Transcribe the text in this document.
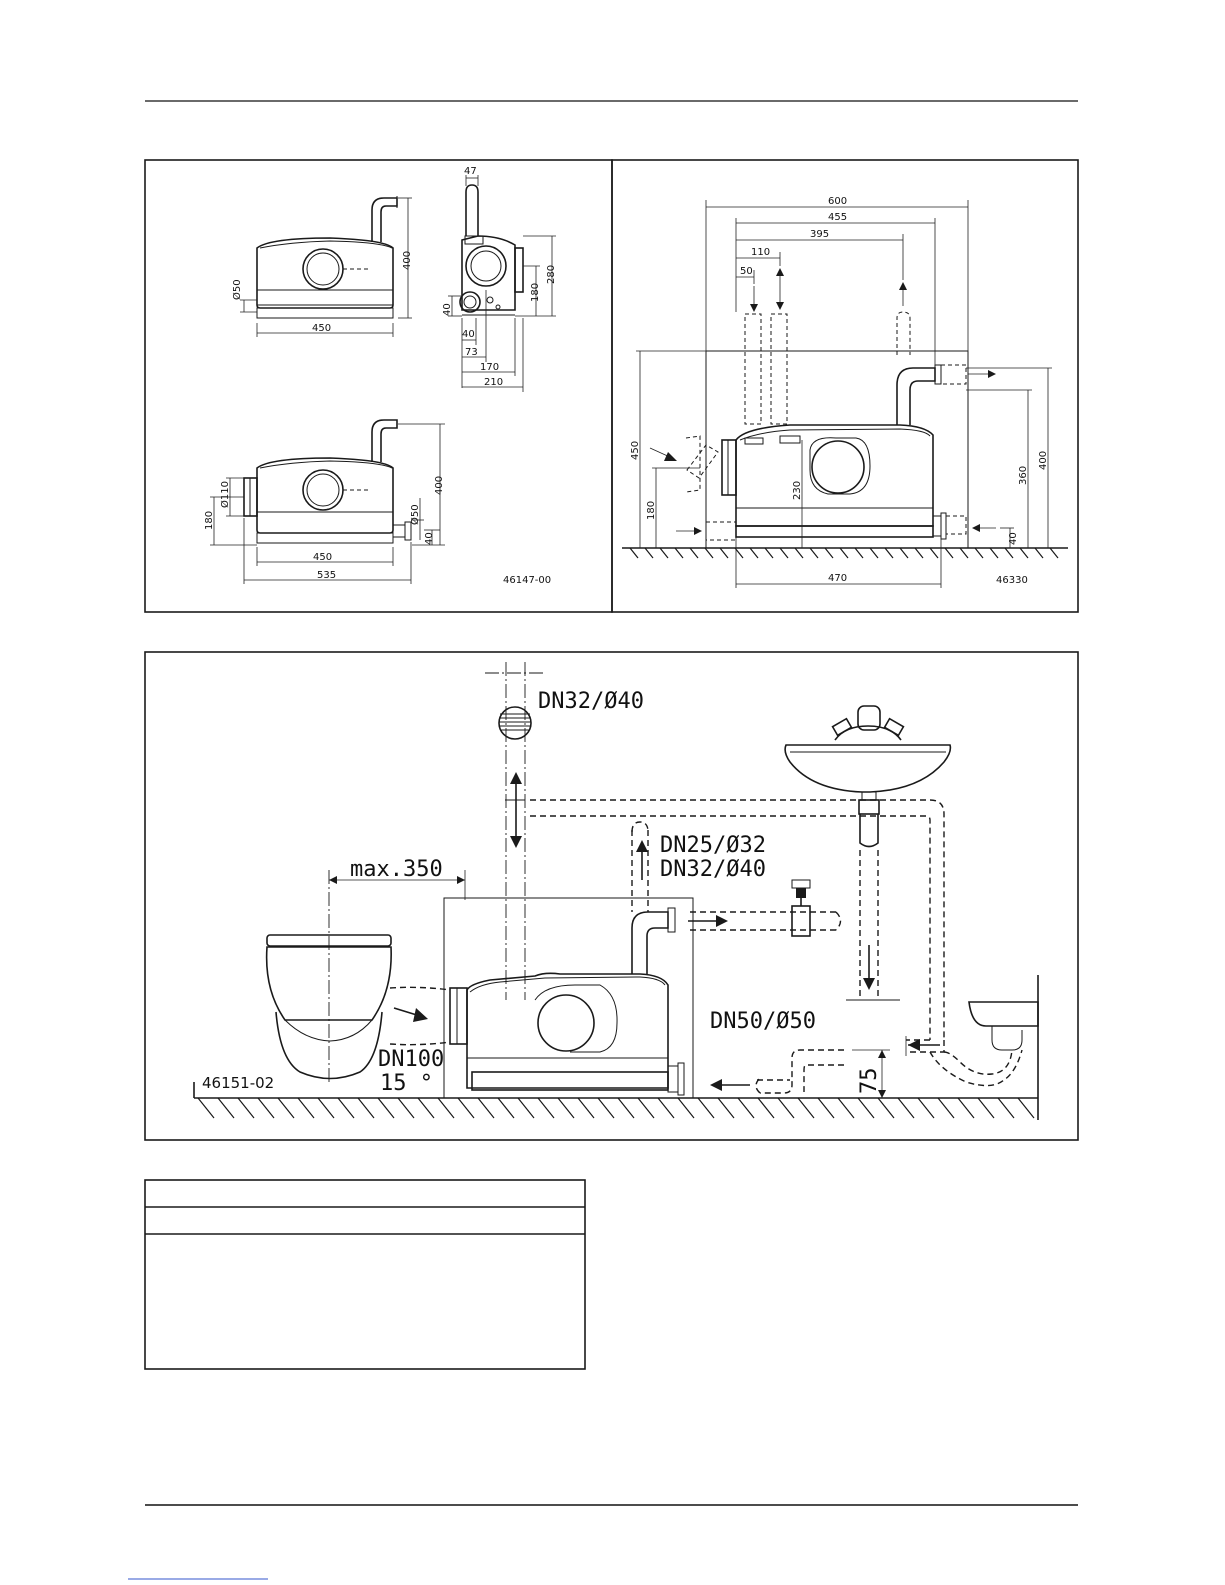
450
400
Ø50
47
280
180
40
40
73
170
210
400
Ø110
180	Ø50
40
450
535	46147-00
600
455
395
110
50
450
180
230
360
400
40
470	46330
max.350
75
DN32/Ø40
DN25/Ø32
DN32/Ø40
DN100
15 °
DN50/Ø50
46151-02
